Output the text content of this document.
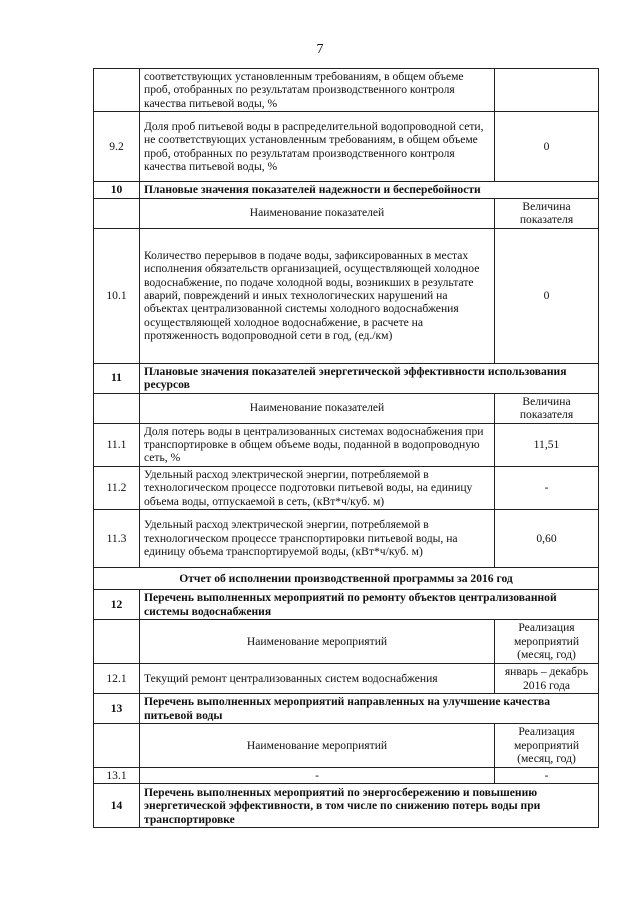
7
	соответствующих установленным требованиям, в общем объеме проб, отобранных по результатам производственного контроля качества питьевой воды, %	
9.2	Доля проб питьевой воды в распределительной водопроводной сети, не соответствующих установленным требованиям, в общем объеме проб, отобранных по результатам производственного контроля качества питьевой воды, %	0
10	Плановые значения показателей надежности и бесперебойности	
	Наименование показателей	Величина показателя
10.1	Количество перерывов в подаче воды, зафиксированных в местах исполнения обязательств организацией, осуществляющей холодное водоснабжение, по подаче холодной воды, возникших в результате аварий, повреждений и иных технологических нарушений на объектах централизованной системы холодного водоснабжения осуществляющей холодное водоснабжение, в расчете на протяженность водопроводной сети в год, (ед./км)	0
11	Плановые значения показателей энергетической эффективности использования ресурсов	
	Наименование показателей	Величина показателя
11.1	Доля потерь воды в централизованных системах водоснабжения при транспортировке в общем объеме воды, поданной в водопроводную сеть, %	11,51
11.2	Удельный расход электрической энергии, потребляемой в технологическом процессе подготовки питьевой воды, на единицу объема воды, отпускаемой в сеть, (кВт*ч/куб. м)	-
11.3	Удельный расход электрической энергии, потребляемой в технологическом процессе транспортировки питьевой воды, на единицу объема транспортируемой воды, (кВт*ч/куб. м)	0,60
Отчет об исполнении производственной программы за 2016 год		
12	Перечень выполненных мероприятий по ремонту объектов централизованной системы водоснабжения	
	Наименование мероприятий	Реализация мероприятий (месяц, год)
12.1	Текущий ремонт централизованных систем водоснабжения	январь – декабрь 2016 года
13	Перечень выполненных мероприятий направленных на улучшение качества питьевой воды	
	Наименование мероприятий	Реализация мероприятий (месяц, год)
13.1	-	-
14	Перечень выполненных мероприятий по энергосбережению и повышению энергетической эффективности, в том числе по снижению потерь воды при транспортировке	
